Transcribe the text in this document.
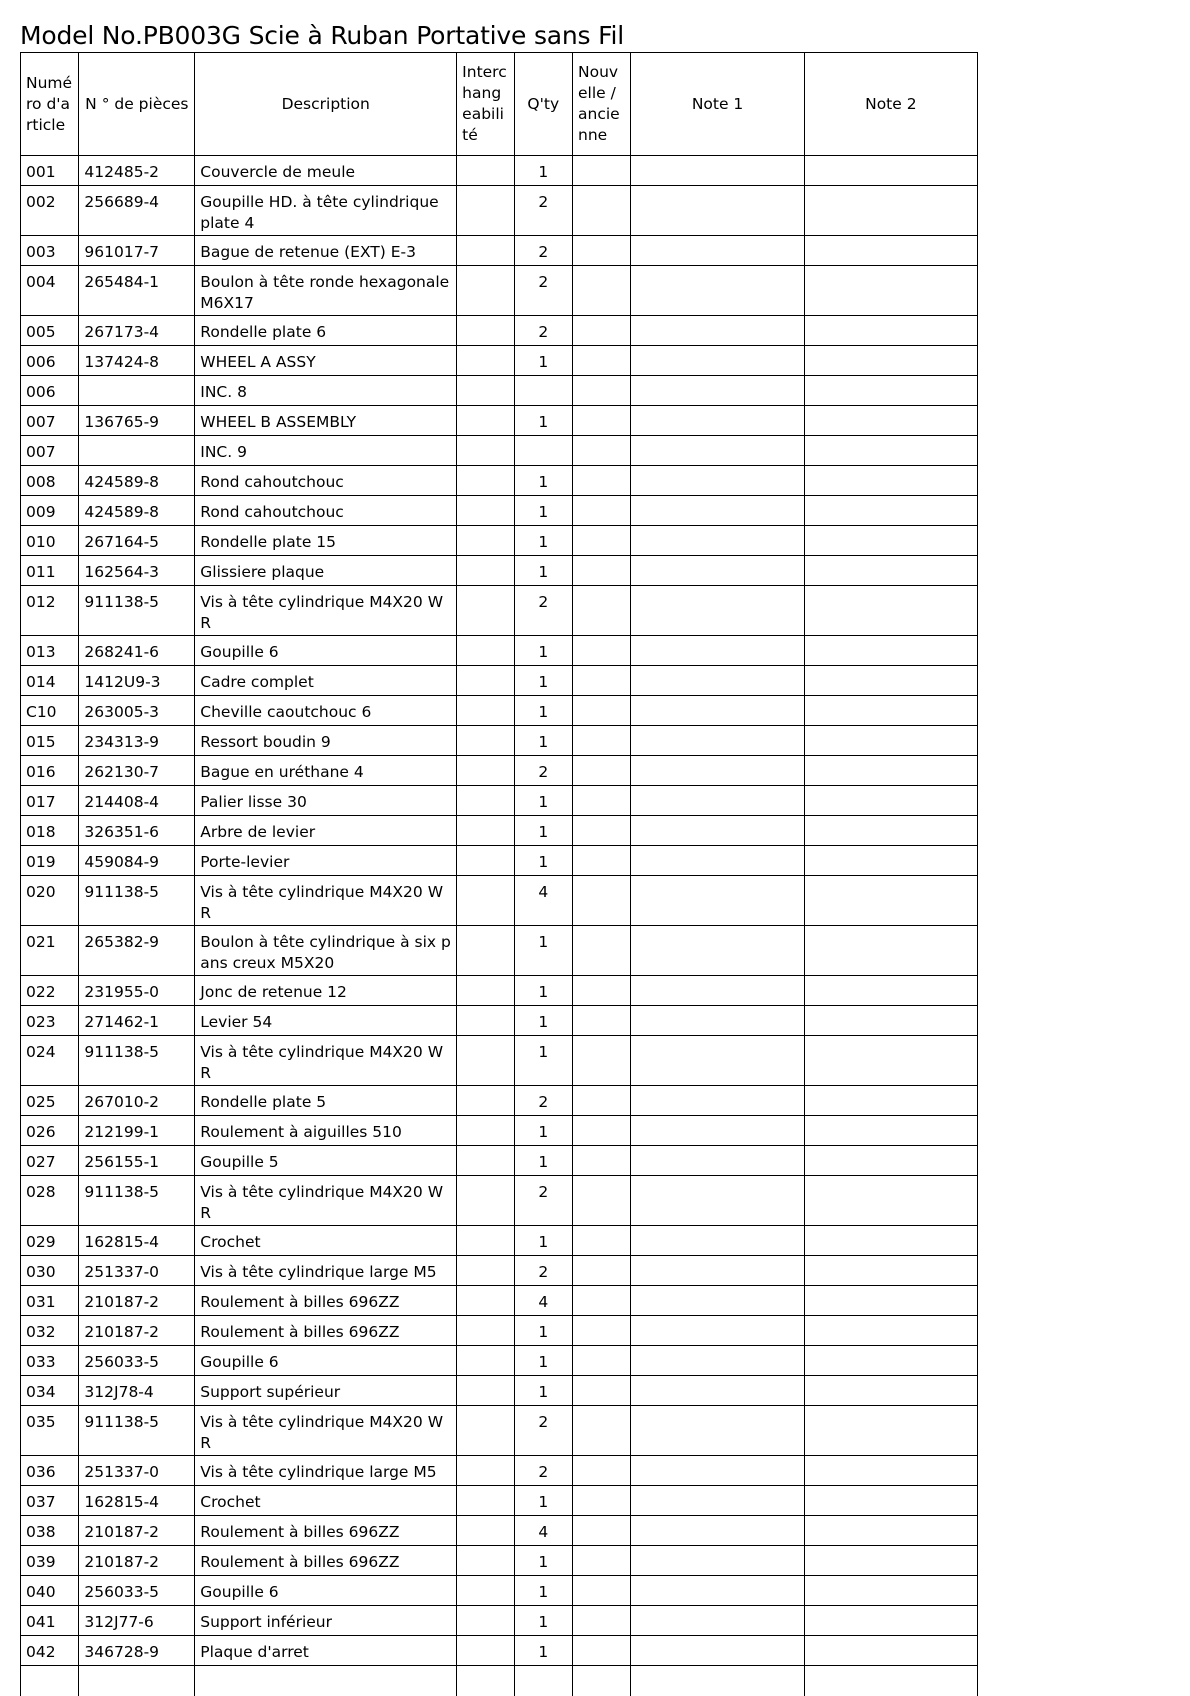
Model No.PB003G Scie à Ruban Portative sans Fil
Numéro d'article	N ° de pièces	Description	Interchangeabilité	Q'ty	Nouvelle / ancienne	Note 1	Note 2
001	412485-2	Couvercle de meule		1			
002	256689-4	Goupille HD. à tête cylindrique plate 4		2			
003	961017-7	Bague de retenue (EXT) E-3		2			
004	265484-1	Boulon à tête ronde hexagonale M6X17		2			
005	267173-4	Rondelle plate 6		2			
006	137424-8	WHEEL A ASSY		1			
006		INC. 8					
007	136765-9	WHEEL B ASSEMBLY		1			
007		INC. 9					
008	424589-8	Rond cahoutchouc		1			
009	424589-8	Rond cahoutchouc		1			
010	267164-5	Rondelle plate 15		1			
011	162564-3	Glissiere plaque		1			
012	911138-5	Vis à tête cylindrique M4X20 WR		2			
013	268241-6	Goupille 6		1			
014	1412U9-3	Cadre complet		1			
C10	263005-3	Cheville caoutchouc 6		1			
015	234313-9	Ressort boudin 9		1			
016	262130-7	Bague en uréthane 4		2			
017	214408-4	Palier lisse 30		1			
018	326351-6	Arbre de levier		1			
019	459084-9	Porte-levier		1			
020	911138-5	Vis à tête cylindrique M4X20 WR		4			
021	265382-9	Boulon à tête cylindrique à six pans creux M5X20		1			
022	231955-0	Jonc de retenue 12		1			
023	271462-1	Levier 54		1			
024	911138-5	Vis à tête cylindrique M4X20 WR		1			
025	267010-2	Rondelle plate 5		2			
026	212199-1	Roulement à aiguilles 510		1			
027	256155-1	Goupille 5		1			
028	911138-5	Vis à tête cylindrique M4X20 WR		2			
029	162815-4	Crochet		1			
030	251337-0	Vis à tête cylindrique large M5		2			
031	210187-2	Roulement à billes 696ZZ		4			
032	210187-2	Roulement à billes 696ZZ		1			
033	256033-5	Goupille 6		1			
034	312J78-4	Support supérieur		1			
035	911138-5	Vis à tête cylindrique M4X20 WR		2			
036	251337-0	Vis à tête cylindrique large M5		2			
037	162815-4	Crochet		1			
038	210187-2	Roulement à billes 696ZZ		4			
039	210187-2	Roulement à billes 696ZZ		1			
040	256033-5	Goupille 6		1			
041	312J77-6	Support inférieur		1			
042	346728-9	Plaque d'arret		1			
